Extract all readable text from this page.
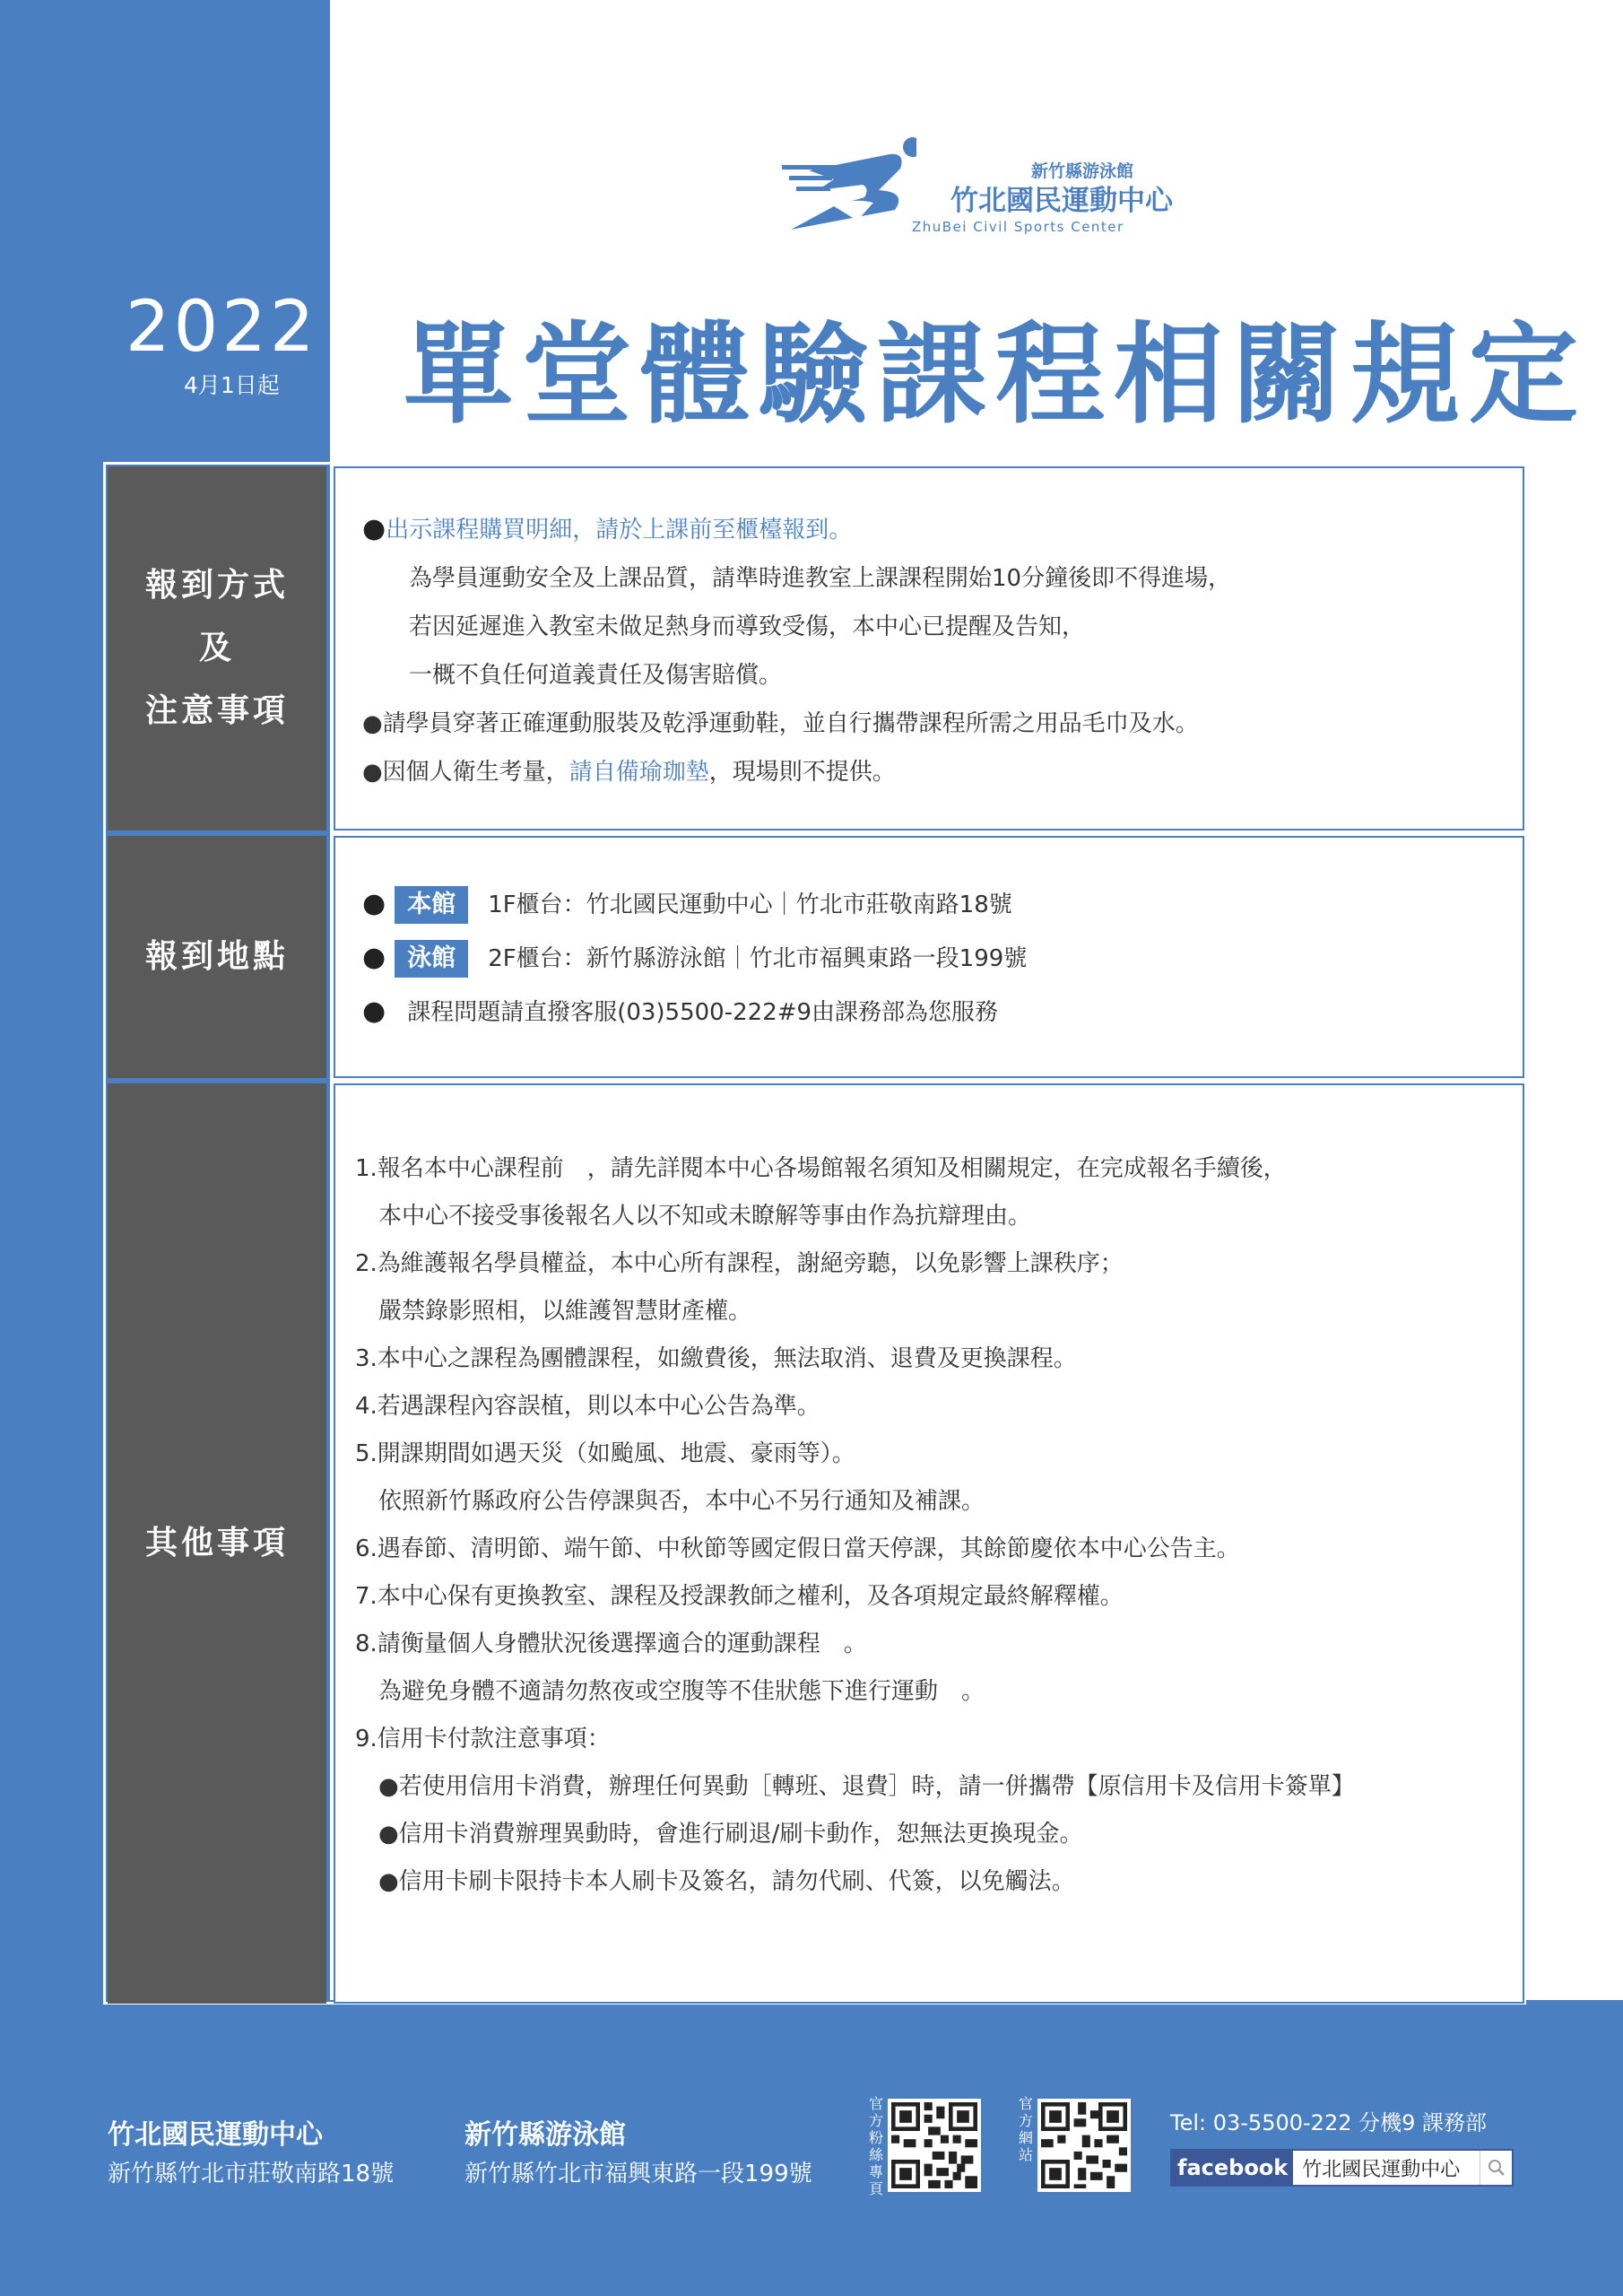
新竹縣游泳館
竹北國民運動中心
ZhuBei Civil Sports Center
2022
4月1日起 單堂體驗課程相關規定
報到方式
及
注意事項
●出示課程購買明細，請於上課前至櫃檯報到。
為學員運動安全及上課品質，請準時進教室上課課程開始10分鐘後即不得進場，
若因延遲進入教室未做足熱身而導致受傷，本中心已提醒及告知，
一概不負任何道義責任及傷害賠償。
●請學員穿著正確運動服裝及乾淨運動鞋，並自行攜帶課程所需之用品毛巾及水。
●因個人衛生考量，請自備瑜珈墊，現場則不提供。
報到地點
● 本館 1F櫃台：竹北國民運動中心｜竹北市莊敬南路18號
● 泳館 2F櫃台：新竹縣游泳館｜竹北市福興東路一段199號
● 課程問題請直撥客服(03)5500-222#9由課務部為您服務
其他事項
1.報名本中心課程前　，請先詳閱本中心各場館報名須知及相關規定，在完成報名手續後，
　本中心不接受事後報名人以不知或未瞭解等事由作為抗辯理由。
2.為維護報名學員權益，本中心所有課程，謝絕旁聽，以免影響上課秩序；
　嚴禁錄影照相，以維護智慧財產權。
3.本中心之課程為團體課程，如繳費後，無法取消、退費及更換課程。
4.若遇課程內容誤植，則以本中心公告為準。
5.開課期間如遇天災（如颱風、地震、豪雨等）。
　依照新竹縣政府公告停課與否，本中心不另行通知及補課。
6.遇春節、清明節、端午節、中秋節等國定假日當天停課，其餘節慶依本中心公告主。
7.本中心保有更換教室、課程及授課教師之權利，及各項規定最終解釋權。
8.請衡量個人身體狀況後選擇適合的運動課程　。
　為避免身體不適請勿熬夜或空腹等不佳狀態下進行運動　。
9.信用卡付款注意事項：
　●若使用信用卡消費，辦理任何異動［轉班、退費］時，請一併攜帶【原信用卡及信用卡簽單】
　●信用卡消費辦理異動時，會進行刷退/刷卡動作，恕無法更換現金。
　●信用卡刷卡限持卡本人刷卡及簽名，請勿代刷、代簽，以免觸法。
竹北國民運動中心
新竹縣竹北市莊敬南路18號
新竹縣游泳館
新竹縣竹北市福興東路一段199號
官方粉絲專頁
官方網站
Tel: 03-5500-222 分機9 課務部
facebook 竹北國民運動中心
